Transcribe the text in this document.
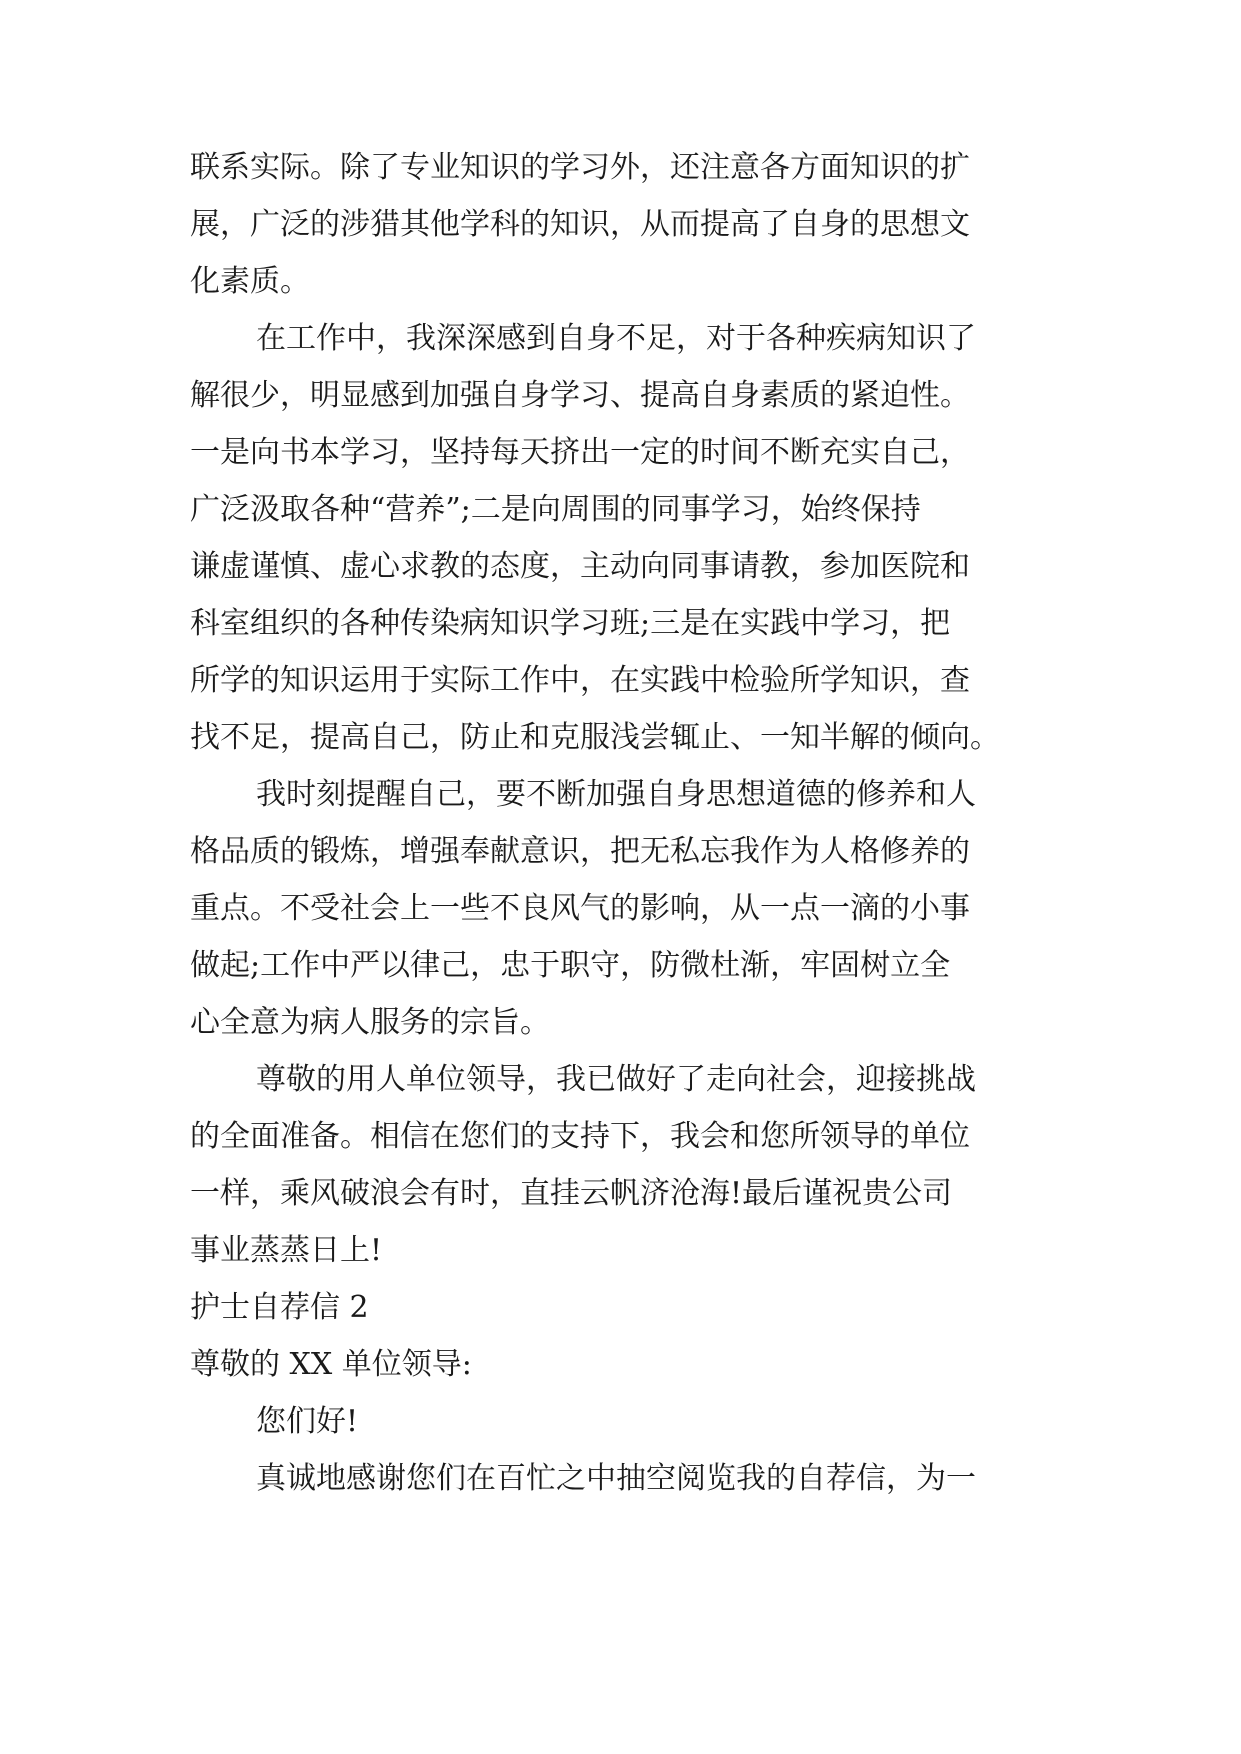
联系实际。除了专业知识的学习外，还注意各方面知识的扩
展，广泛的涉猎其他学科的知识，从而提高了自身的思想文
化素质。
在工作中，我深深感到自身不足，对于各种疾病知识了
解很少，明显感到加强自身学习、提高自身素质的紧迫性。
一是向书本学习，坚持每天挤出一定的时间不断充实自己，
广泛汲取各种“营养”;二是向周围的同事学习，始终保持
谦虚谨慎、虚心求教的态度，主动向同事请教，参加医院和
科室组织的各种传染病知识学习班;三是在实践中学习，把
所学的知识运用于实际工作中，在实践中检验所学知识，查
找不足，提高自己，防止和克服浅尝辄止、一知半解的倾向。
我时刻提醒自己，要不断加强自身思想道德的修养和人
格品质的锻炼，增强奉献意识，把无私忘我作为人格修养的
重点。不受社会上一些不良风气的影响，从一点一滴的小事
做起;工作中严以律己，忠于职守，防微杜渐，牢固树立全
心全意为病人服务的宗旨。
尊敬的用人单位领导，我已做好了走向社会，迎接挑战
的全面准备。相信在您们的支持下，我会和您所领导的单位
一样，乘风破浪会有时，直挂云帆济沧海!最后谨祝贵公司
事业蒸蒸日上!
护士自荐信 2
尊敬的 XX 单位领导:
您们好!
真诚地感谢您们在百忙之中抽空阅览我的自荐信，为一
